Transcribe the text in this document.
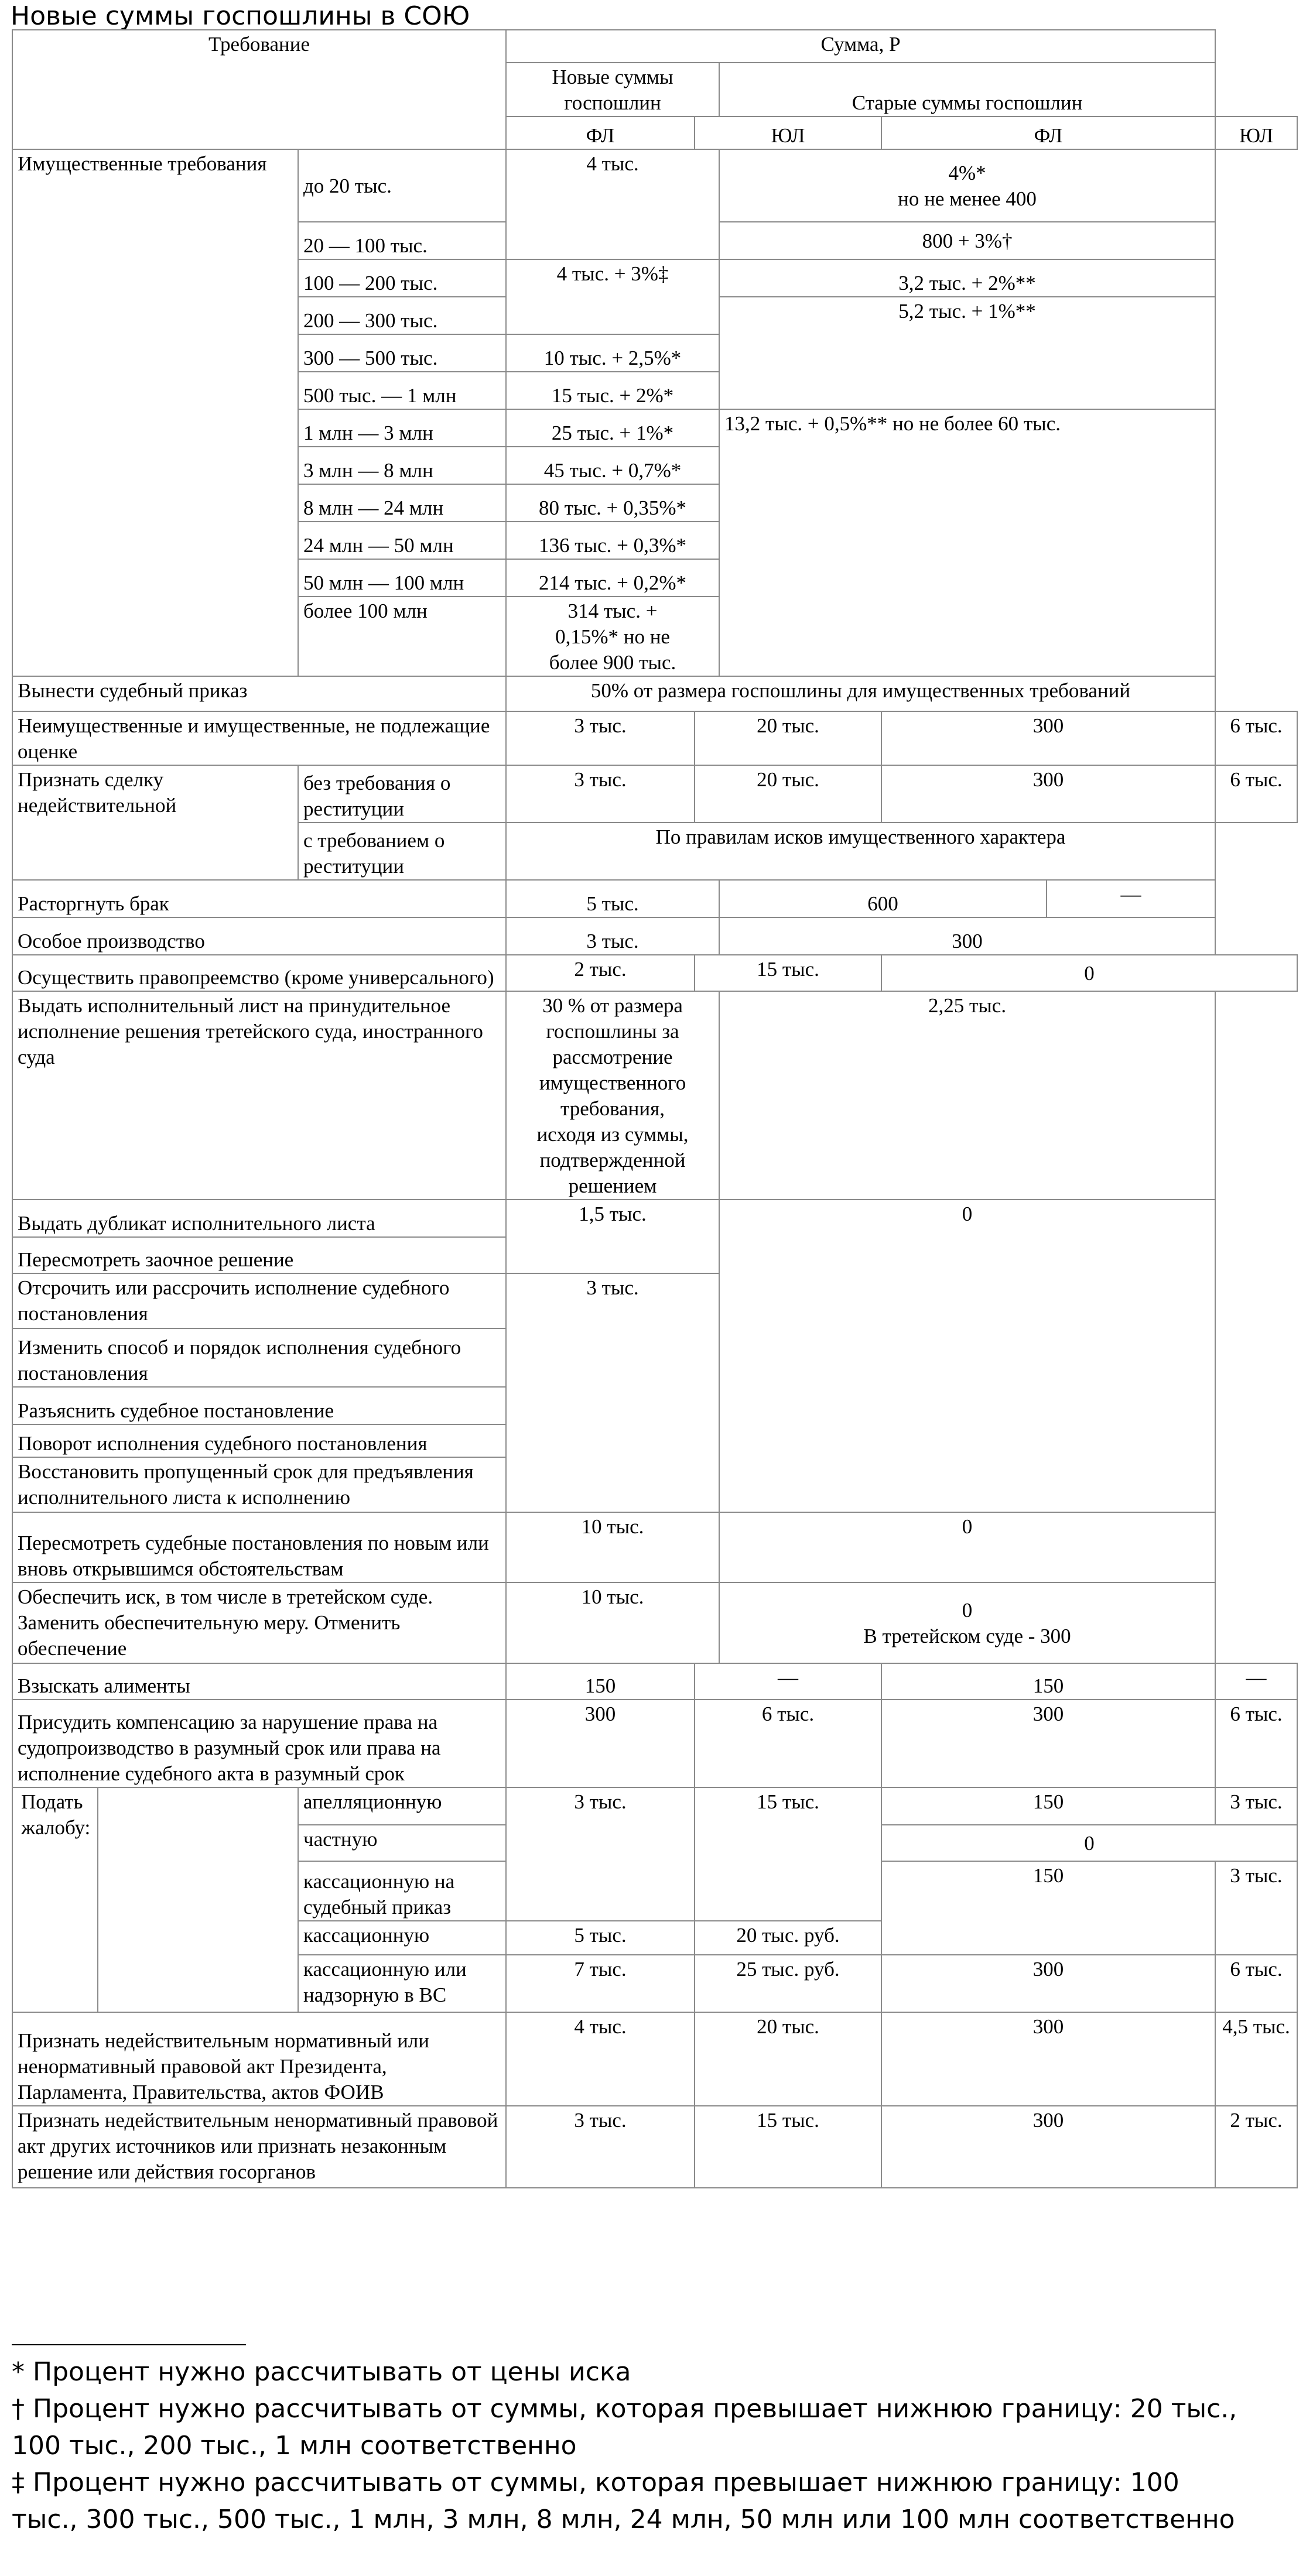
Новые суммы госпошлины в СОЮ
Требование			Сумма, Р					
			Новые суммы госпошлин		Старые суммы госпошлин			
			ФЛ	ЮЛ		ФЛ		ЮЛ
Имущественные требования		до 20 тыс.	4 тыс.		4%*
но не менее 400			

		20 — 100 тыс.			800 + 3%†			
		100 — 200 тыс.	4 тыс. + 3%‡		3,2 тыс. + 2%**			
		200 — 300 тыс.			5,2 тыс. + 1%**			
		300 — 500 тыс.	10 тыс. + 2,5%*					
		500 тыс. — 1 млн	15 тыс. + 2%*					
		1 млн — 3 млн	25 тыс. + 1%*		13,2 тыс. + 0,5%** но не более 60 тыс.			
		3 млн — 8 млн	45 тыс. + 0,7%*					
		8 млн — 24 млн	80 тыс. + 0,35%*					
		24 млн — 50 млн	136 тыс. + 0,3%*					
		50 млн — 100 млн	214 тыс. + 0,2%*					
		более 100 млн	314 тыс. + 0,15%* но не более 900 тыс.					
Вынести судебный приказ			50% от размера госпошлины для имущественных требований					
Неимущественные и имущественные, не подлежащие оценке			3 тыс.	20 тыс.		300		6 тыс.
Признать сделку недействительной		без требования о реституции	3 тыс.	20 тыс.		300		6 тыс.
		с требованием о реституции	По правилам исков имущественного характера					
Расторгнуть брак			5 тыс.		600		—	
Особое производство			3 тыс.		300			
Осуществить правопреемство (кроме универсального)			2 тыс.	15 тыс.		0		
Выдать исполнительный лист на принудительное исполнение решения третейского суда, иностранного суда			30 % от размера госпошлины за рассмотрение имущественного требования, исходя из суммы, подтвержденной решением		2,25 тыс.			
Выдать дубликат исполнительного листа			1,5 тыс.		0			
Пересмотреть заочное решение								
Отсрочить или рассрочить исполнение судебного постановления			3 тыс.					
Изменить способ и порядок исполнения судебного постановления								
Разъяснить судебное постановление								
Поворот исполнения судебного постановления								
Восстановить пропущенный срок для предъявления исполнительного листа к исполнению								
Пересмотреть судебные постановления по новым или вновь открывшимся обстоятельствам			10 тыс.		0			
Обеспечить иск, в том числе в третейском суде. Заменить обеспечительную меру. Отменить обеспечение			10 тыс.		0
В третейском суде - 300			

Взыскать алименты			150	—		150		—
Присудить компенсацию за нарушение права на судопроизводство в разумный срок или права на исполнение судебного акта в разумный срок			300	6 тыс.		300		6 тыс.
Подать жалобу:		апелляционную	3 тыс.	15 тыс.		150		3 тыс.
		частную				0		
		кассационную на судебный приказ				150		3 тыс.
		кассационную	5 тыс.	20 тыс. руб.				
		кассационную или надзорную в ВС	7 тыс.	25 тыс. руб.		300		6 тыс.
Признать недействительным нормативный или ненормативный правовой акт Президента, Парламента, Правительства, актов ФОИВ			4 тыс.	20 тыс.		300		4,5 тыс.
Признать недействительным ненормативный правовой акт других источников или признать незаконным решение или действия госорганов			3 тыс.	15 тыс.		300		2 тыс.

* Процент нужно рассчитывать от цены иска

† Процент нужно рассчитывать от суммы, которая превышает нижнюю границу: 20 тыс., 100 тыс., 200 тыс., 1 млн соответственно

‡ Процент нужно рассчитывать от суммы, которая превышает нижнюю границу: 100 тыс., 300 тыс., 500 тыс., 1 млн, 3 млн, 8 млн, 24 млн, 50 млн или 100 млн соответственно
